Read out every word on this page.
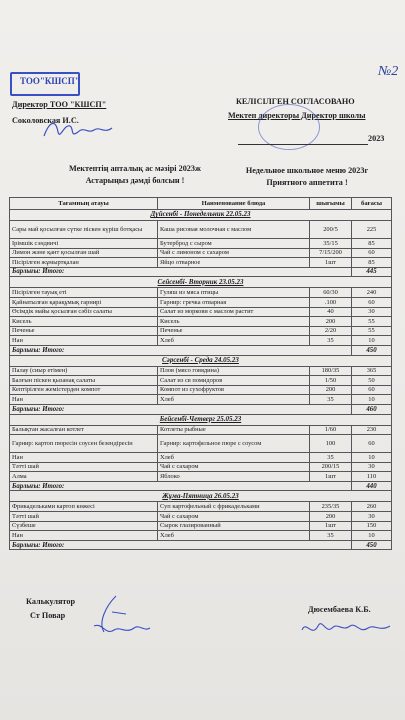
№2
ТОО"КШСП"
Директор ТОО "КШСП"
Соколовская И.С.
КЕЛІСІЛГЕН СОГЛАСОВАНО
Мектеп директоры Директор школы
2023
Мектептің апталық ас мәзірі 2023ж
Астарыңыз дәмді болсын !
Недельное школьное меню 2023г
Приятного аппетита !
Тағамның атауы	Наименование блюда	шығымы	бағасы
Дүйсенбі - Понедельник 22.05.23			
Сары май қосылған сүтке піскен күріш ботқасы	Каша рисовая молочная с маслом	200/5	225
Ірімшік сэндвичі	Бутерброд с сыром	35/15	85
Лимон және қант қосылған шай	Чай с лимоном с сахаром	7/15/200	60
Пісірілген жұмыртқалан	Яйцо отварное	1шт	85
Барлығы: Итого:			445
Сейсенбі- Вторник 23.05.23			
Пісірілген тауық еті	Гуляш из мяса птицы	60/30	240
Қайнатылған қарақұмық гарнирі	Гарнир: гречка отварная	.100	60
Өсімдік майы қосылған сәбіз салаты	Салат из моркови с маслом растит	40	30
Кисель	Кисель	200	55
Печенье	Печенье	2/20	55
Нан	Хлеб	35	10
Барлығы: Итого:			450
Сәрсенбі - Среда 24.05.23			
Палау (сиыр етімен)	Плов (мясо говядина)	180/35	365
Балғын піскен қызанақ салаты	Салат из св помидоров	1/50	50
Кептірілген жемістерден компот	Компот из сухофруктов	200	60
Нан	Хлеб	35	10
Барлығы: Итого:			460
Бейсенбі-Четверг 25.05.23			
Балықтан жасалған котлет	Котлеты рыбные	1/60	230
Гарнир: картоп пюресін соусен безендіресін	Гарнир: картофельное пюре с соусом	100	60
Нан	Хлеб	35	10
Тәтті шай	Чай с сахаром	200/15	30
Алма	Яблоко	1шт	110
Барлығы: Итого:			440
Жұма-Пятница 26.05.23			
Фрикадельками картоп көжесі	Суп картофельный с фрикадельками	235/35	260
Тәтті шай	Чай с сахаром	200	30
Сүзбеше	Сырок глазированный	1шт	150
Нан	Хлеб	35	10
Барлығы: Итого:			450
Калькулятор
Ст Повар
Дюсембаева К.Б.
